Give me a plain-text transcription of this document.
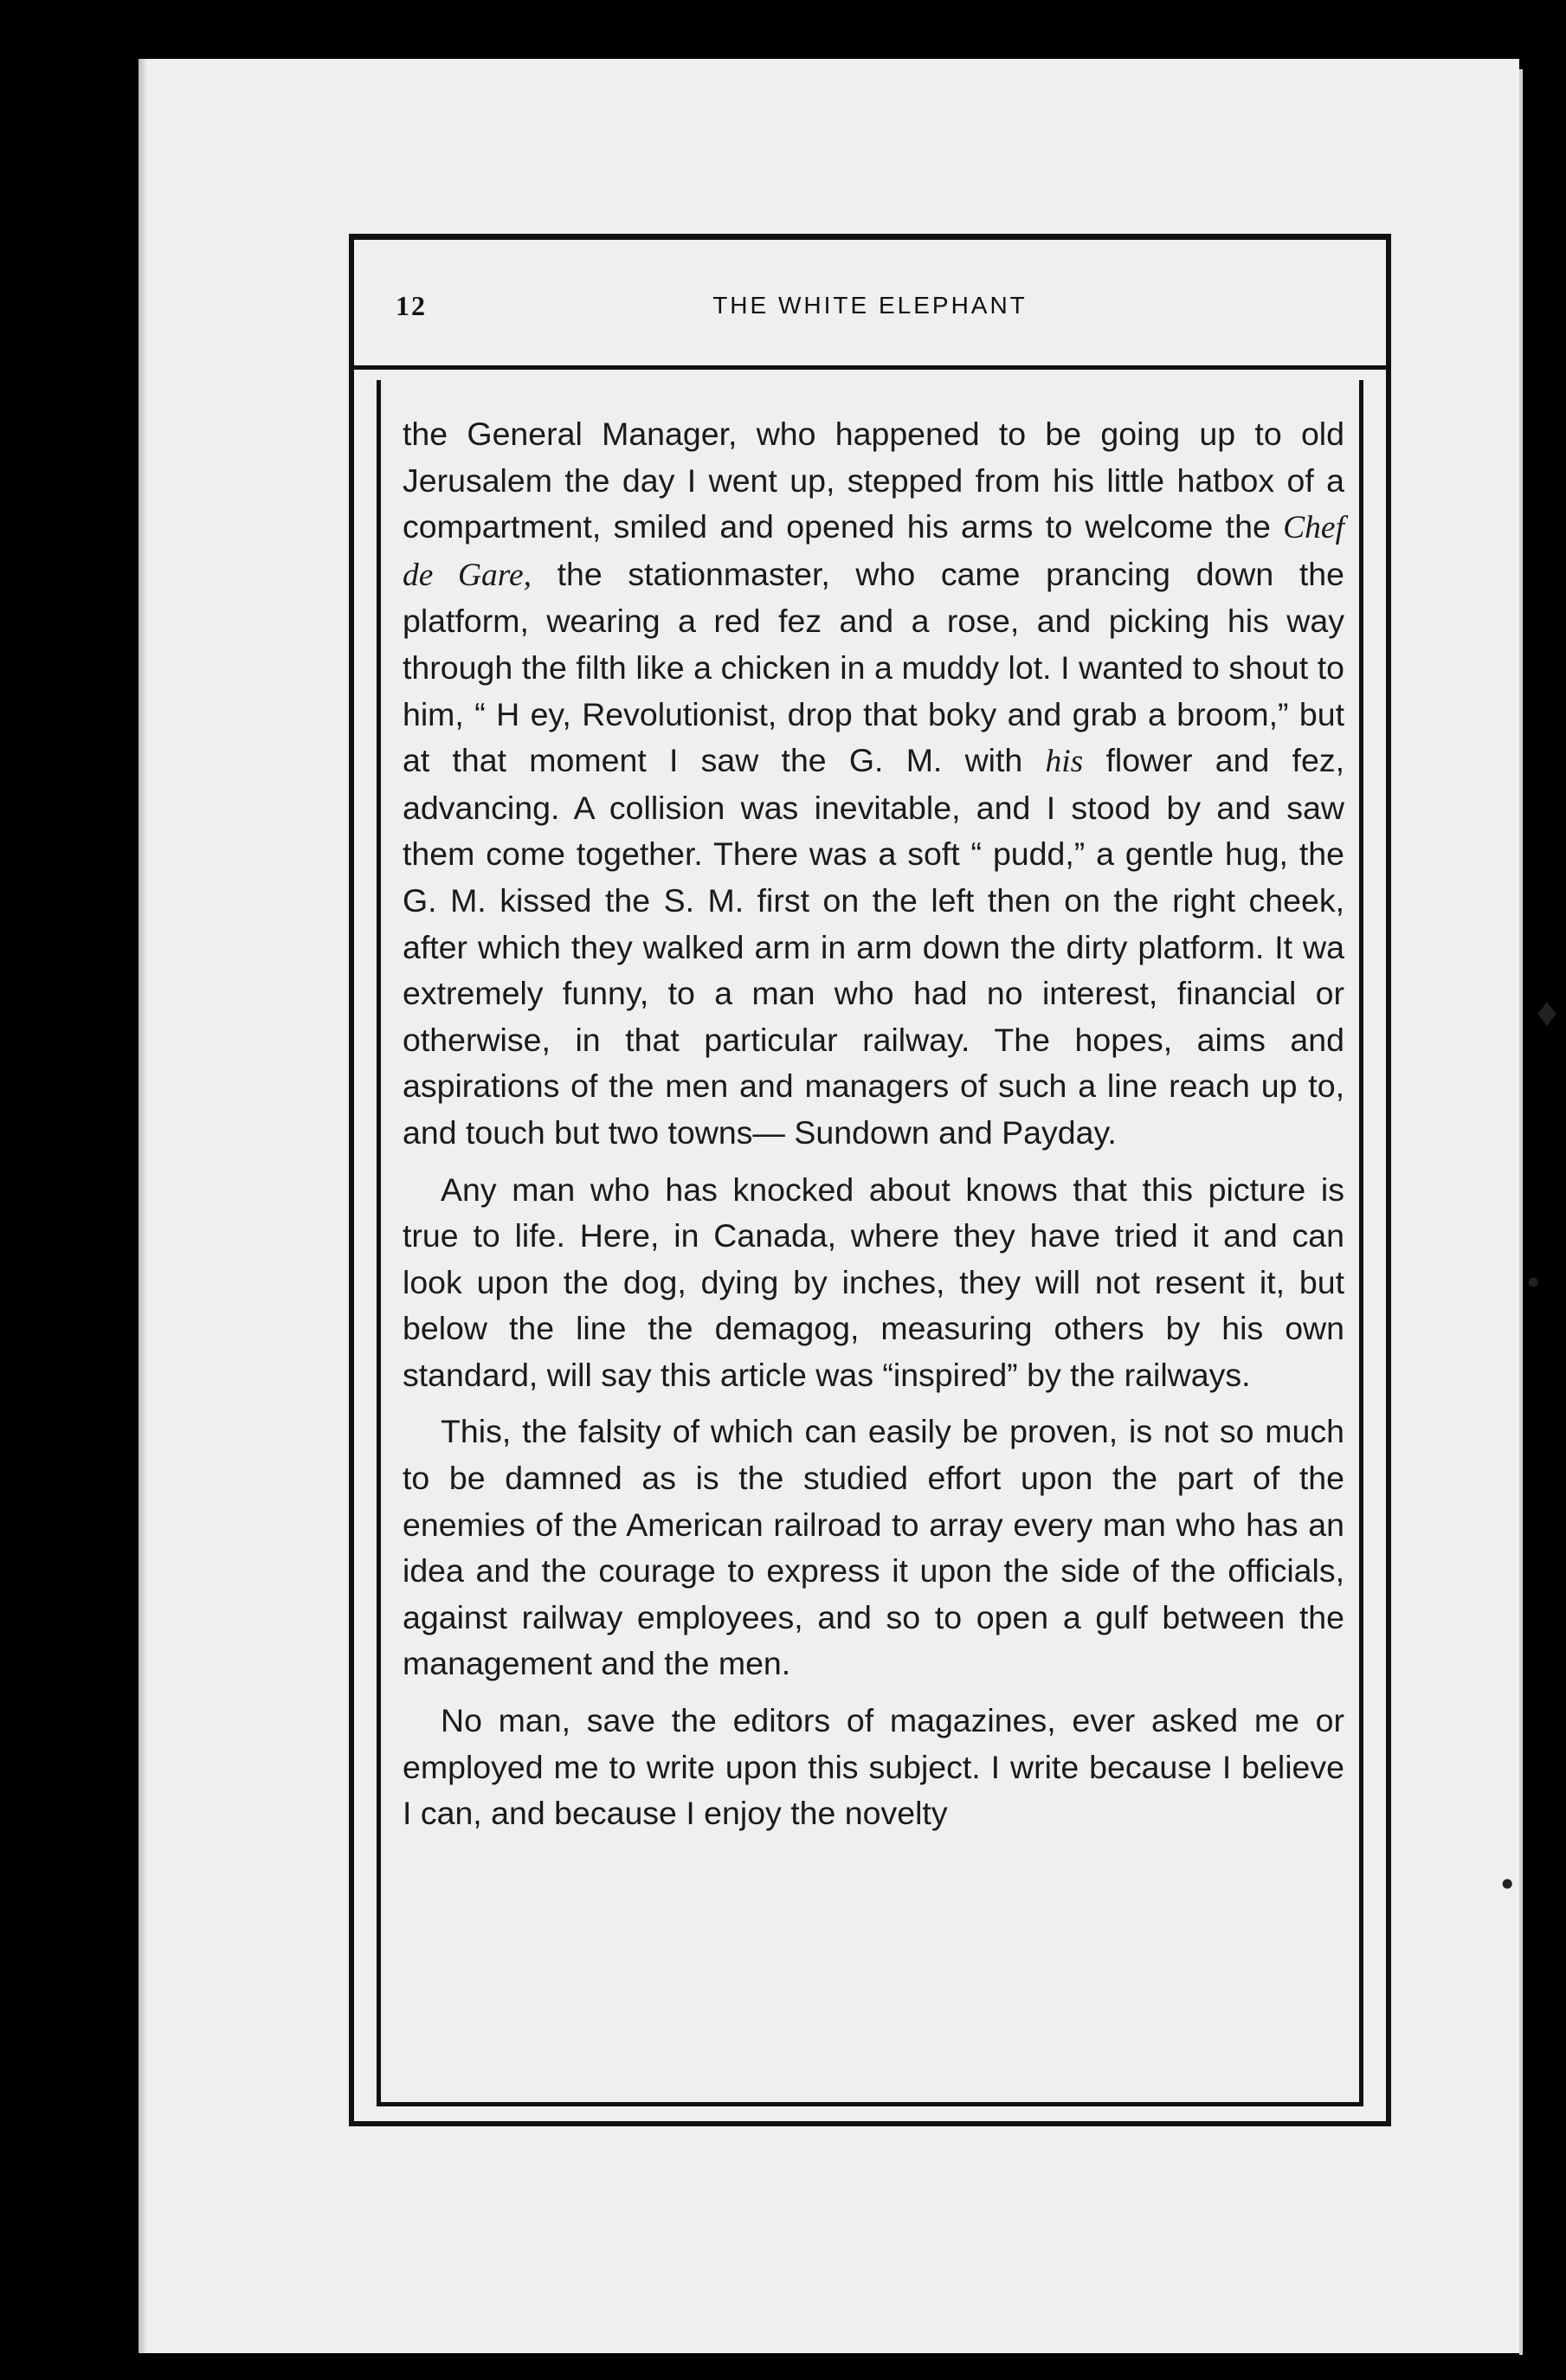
12	THE WHITE ELEPHANT

the General Manager, who happened to be going up to old Jerusalem the day I went up, stepped from his little hatbox of a compartment, smiled and opened his arms to welcome the Chef de Gare, the stationmaster, who came prancing down the platform, wearing a red fez and a rose, and picking his way through the filth like a chicken in a muddy lot. I wanted to shout to him, “ H ey, Revolutionist, drop that boky and grab a broom,” but at that moment I saw the G. M. with his flower and fez, advancing. A collision was inevitable, and I stood by and saw them come together. There was a soft “ pudd,” a gentle hug, the G. M. kissed the S. M. first on the left then on the right cheek, after which they walked arm in arm down the dirty platform. It wa extremely funny, to a man who had no interest, financial or otherwise, in that particular railway. The hopes, aims and aspirations of the men and managers of such a line reach up to, and touch but two towns— Sundown and Payday.

Any man who has knocked about knows that this picture is true to life. Here, in Canada, where they have tried it and can look upon the dog, dying by inches, they will not resent it, but below the line the demagog, measuring others by his own standard, will say this article was “inspired” by the railways.

This, the falsity of which can easily be proven, is not so much to be damned as is the studied effort upon the part of the enemies of the American railroad to array every man who has an idea and the courage to express it upon the side of the officials, against railway employees, and so to open a gulf between the management and the men.

No man, save the editors of magazines, ever asked me or employed me to write upon this subject. I write because I believe I can, and because I enjoy the novelty

♦
•
•
